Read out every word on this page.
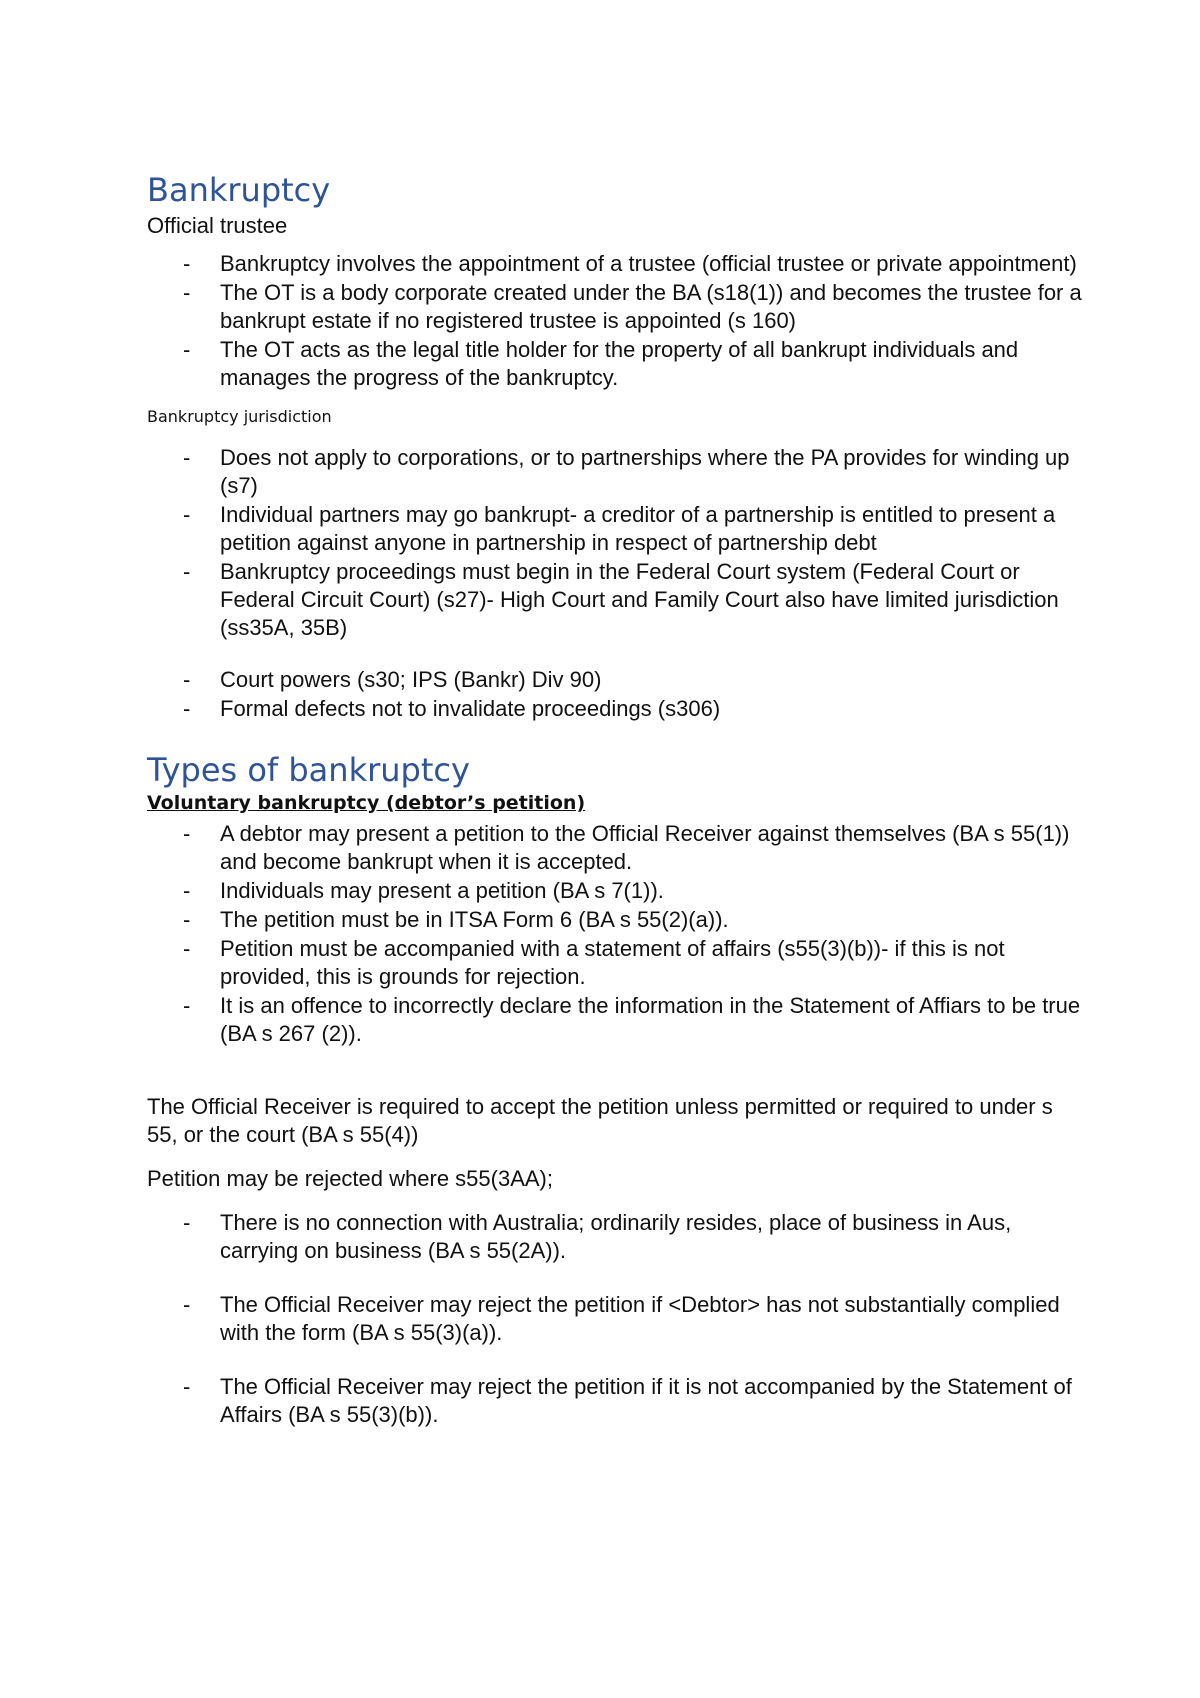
Bankruptcy
Official trustee
-	Bankruptcy involves the appointment of a trustee (official trustee or private appointment)
-	The OT is a body corporate created under the BA (s18(1)) and becomes the trustee for a bankrupt estate if no registered trustee is appointed (s 160)
-	The OT acts as the legal title holder for the property of all bankrupt individuals and manages the progress of the bankruptcy.
Bankruptcy jurisdiction
-	Does not apply to corporations, or to partnerships where the PA provides for winding up (s7)
-	Individual partners may go bankrupt- a creditor of a partnership is entitled to present a petition against anyone in partnership in respect of partnership debt
-	Bankruptcy proceedings must begin in the Federal Court system (Federal Court or Federal Circuit Court) (s27)- High Court and Family Court also have limited jurisdiction (ss35A, 35B)
-	Court powers (s30; IPS (Bankr) Div 90)
-	Formal defects not to invalidate proceedings (s306)
Types of bankruptcy
Voluntary bankruptcy (debtor’s petition)
-	A debtor may present a petition to the Official Receiver against themselves (BA s 55(1)) and become bankrupt when it is accepted.
-	Individuals may present a petition (BA s 7(1)).
-	The petition must be in ITSA Form 6 (BA s 55(2)(a)).
-	Petition must be accompanied with a statement of affairs (s55(3)(b))- if this is not provided, this is grounds for rejection.
-	It is an offence to incorrectly declare the information in the Statement of Affiars to be true (BA s 267 (2)).

The Official Receiver is required to accept the petition unless permitted or required to under s 55, or the court (BA s 55(4))

Petition may be rejected where s55(3AA);

-	There is no connection with Australia; ordinarily resides, place of business in Aus, carrying on business (BA s 55(2A)).
-	The Official Receiver may reject the petition if <Debtor> has not substantially complied with the form (BA s 55(3)(a)).
-	The Official Receiver may reject the petition if it is not accompanied by the Statement of Affairs (BA s 55(3)(b)).
